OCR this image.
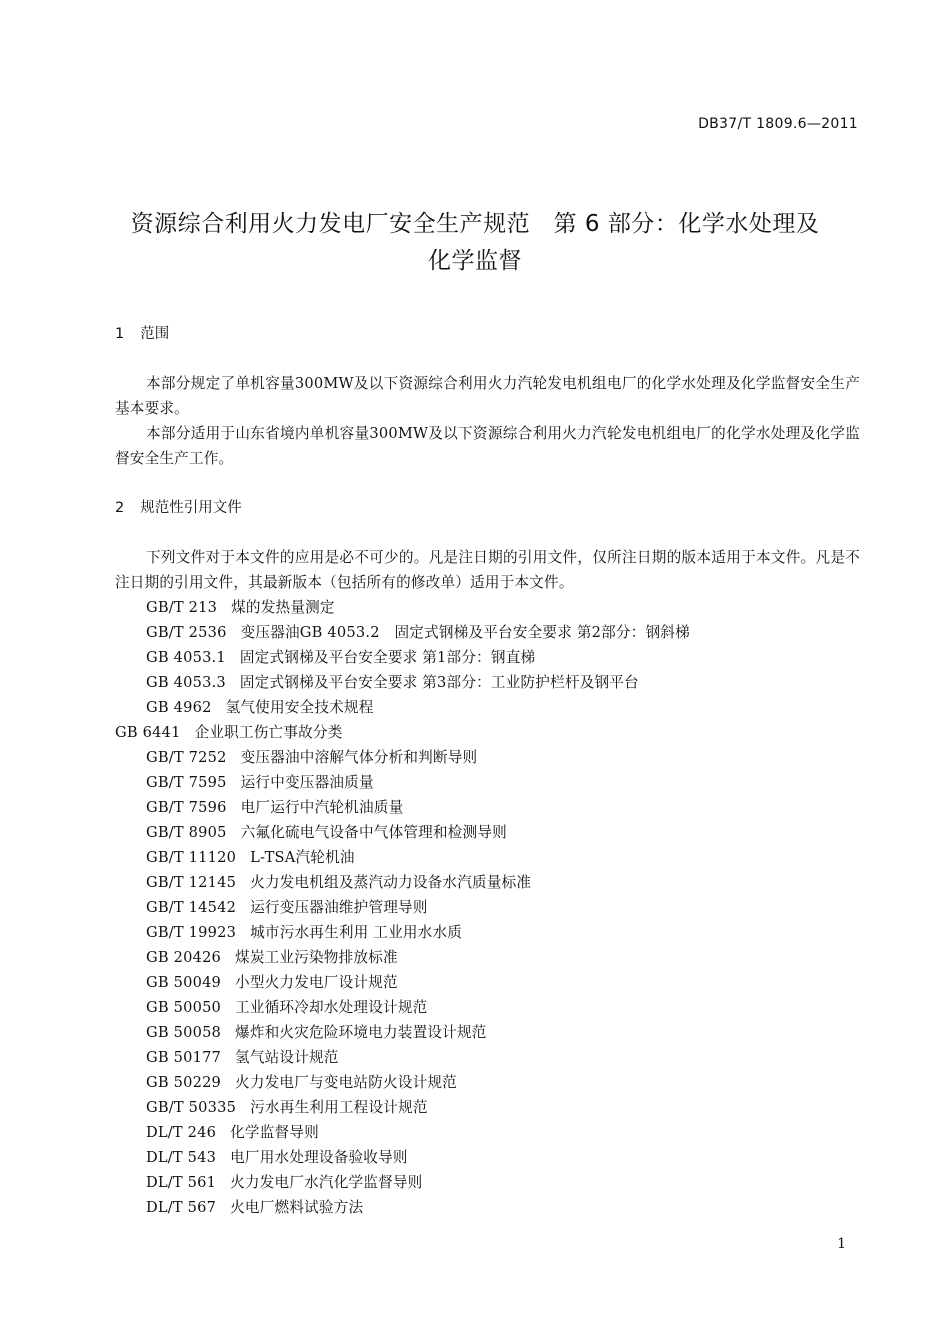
DB37/T 1809.6—2011
资源综合利用火力发电厂安全生产规范　第 6 部分：化学水处理及
化学监督
1 范围
本部分规定了单机容量300MW及以下资源综合利用火力汽轮发电机组电厂的化学水处理及化学监督安全生产基本要求。
本部分适用于山东省境内单机容量300MW及以下资源综合利用火力汽轮发电机组电厂的化学水处理及化学监督安全生产工作。
2 规范性引用文件
下列文件对于本文件的应用是必不可少的。凡是注日期的引用文件，仅所注日期的版本适用于本文件。凡是不注日期的引用文件，其最新版本（包括所有的修改单）适用于本文件。
GB/T 213 煤的发热量测定
GB/T 2536 变压器油GB 4053.2　固定式钢梯及平台安全要求 第2部分：钢斜梯
GB 4053.1 固定式钢梯及平台安全要求 第1部分：钢直梯
GB 4053.3 固定式钢梯及平台安全要求 第3部分：工业防护栏杆及钢平台
GB 4962 氢气使用安全技术规程
GB 6441 企业职工伤亡事故分类
GB/T 7252 变压器油中溶解气体分析和判断导则
GB/T 7595 运行中变压器油质量
GB/T 7596 电厂运行中汽轮机油质量
GB/T 8905 六氟化硫电气设备中气体管理和检测导则
GB/T 11120 L-TSA汽轮机油
GB/T 12145 火力发电机组及蒸汽动力设备水汽质量标准
GB/T 14542 运行变压器油维护管理导则
GB/T 19923 城市污水再生利用 工业用水水质
GB 20426 煤炭工业污染物排放标准
GB 50049 小型火力发电厂设计规范
GB 50050 工业循环冷却水处理设计规范
GB 50058 爆炸和火灾危险环境电力装置设计规范
GB 50177 氢气站设计规范
GB 50229 火力发电厂与变电站防火设计规范
GB/T 50335 污水再生利用工程设计规范
DL/T 246 化学监督导则
DL/T 543 电厂用水处理设备验收导则
DL/T 561 火力发电厂水汽化学监督导则
DL/T 567 火电厂燃料试验方法
1
